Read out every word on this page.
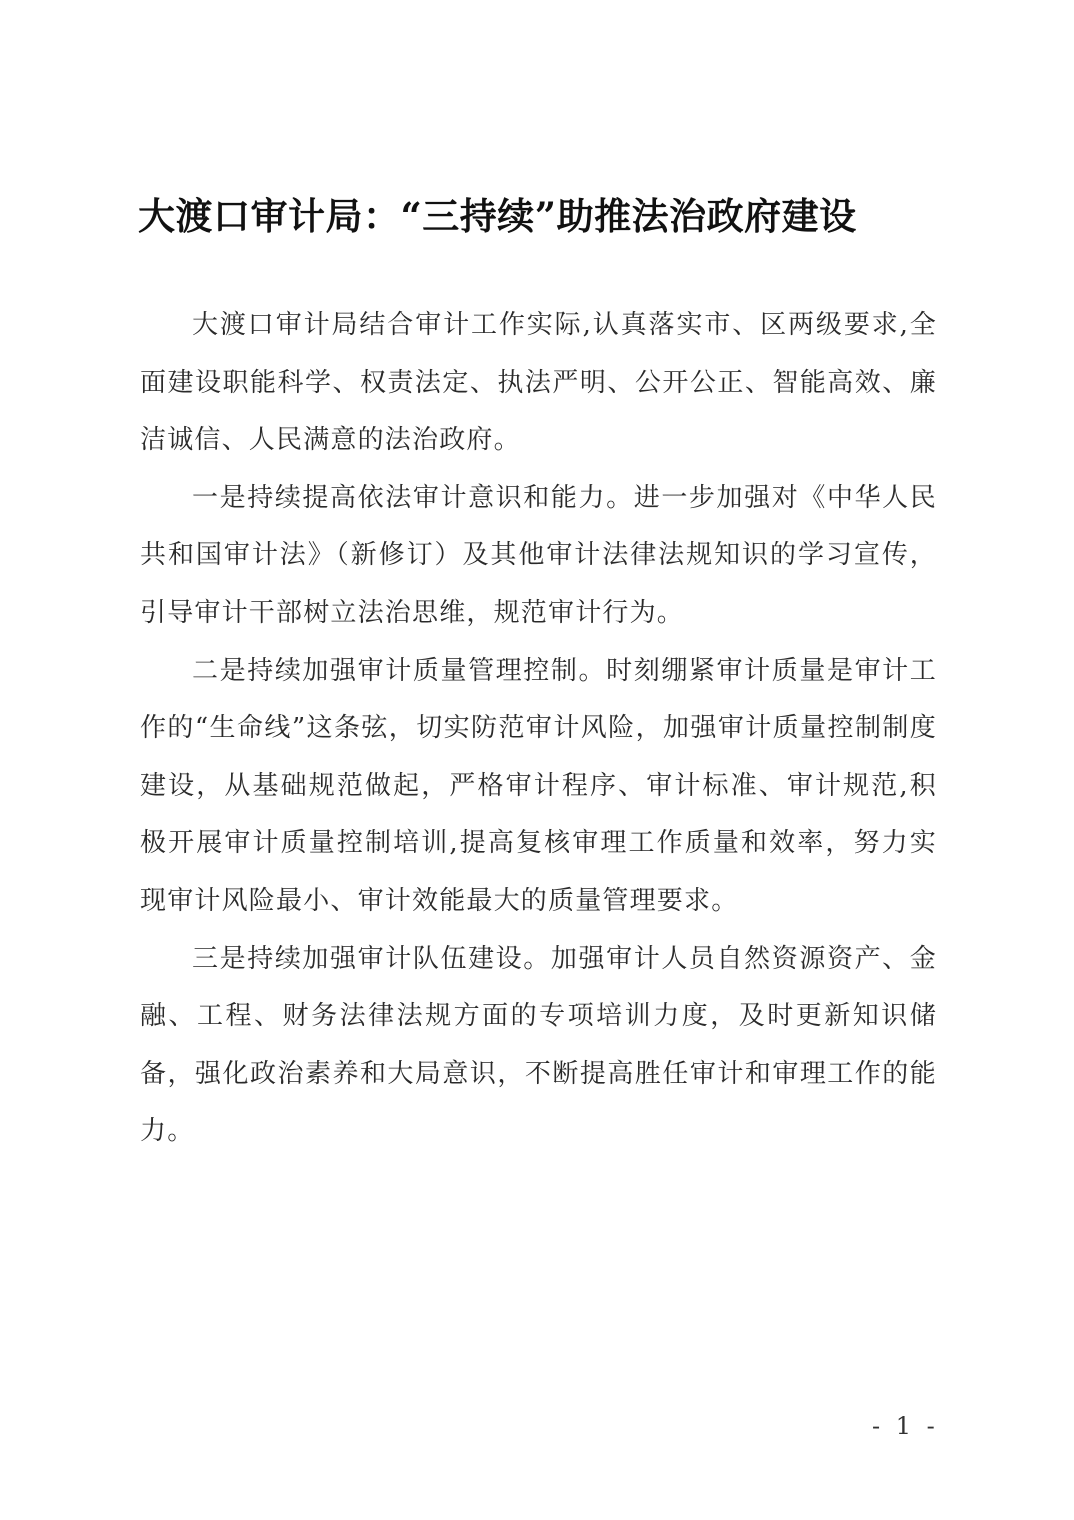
大渡口审计局：“三持续”助推法治政府建设

大渡口审计局结合审计工作实际,认真落实市、区两级要求,全面建设职能科学、权责法定、执法严明、公开公正、智能高效、廉洁诚信、人民满意的法治政府。

一是持续提高依法审计意识和能力。进一步加强对《中华人民共和国审计法》（新修订）及其他审计法律法规知识的学习宣传，引导审计干部树立法治思维，规范审计行为。

二是持续加强审计质量管理控制。时刻绷紧审计质量是审计工作的“生命线”这条弦，切实防范审计风险，加强审计质量控制制度建设，从基础规范做起，严格审计程序、审计标准、审计规范,积极开展审计质量控制培训,提高复核审理工作质量和效率，努力实现审计风险最小、审计效能最大的质量管理要求。

三是持续加强审计队伍建设。加强审计人员自然资源资产、金融、工程、财务法律法规方面的专项培训力度，及时更新知识储备，强化政治素养和大局意识，不断提高胜任审计和审理工作的能力。

- 1 -
